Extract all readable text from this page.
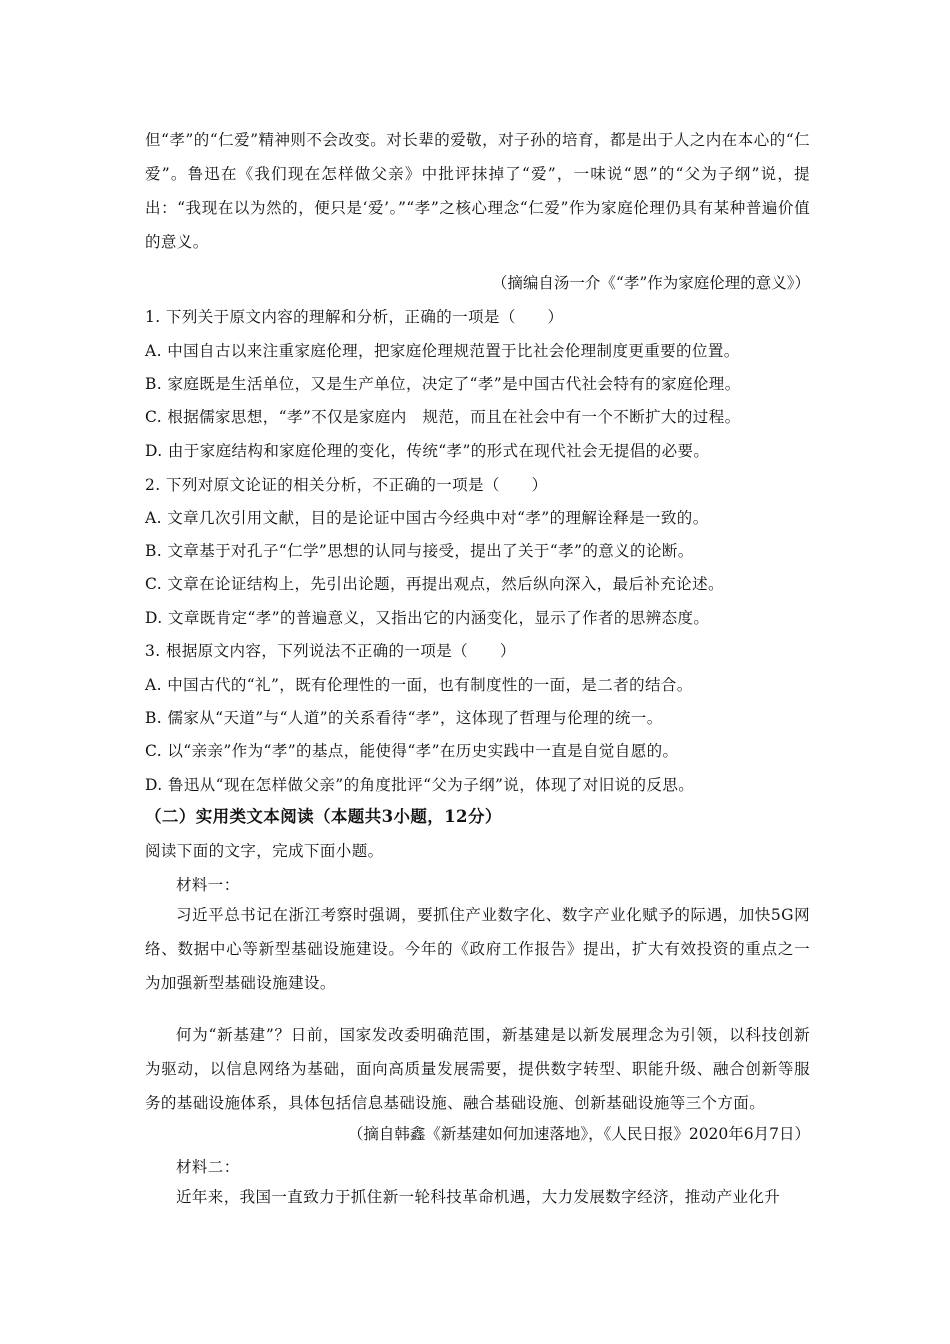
但“孝”的“仁爱”精神则不会改变。对长辈的爱敬，对子孙的培育，都是出于人之内在本心的“仁爱”。鲁迅在《我们现在怎样做父亲》中批评抹掉了“爱”，一味说“恩”的“父为子纲”说，提出：“我现在以为然的，便只是‘爱’。”“孝”之核心理念“仁爱”作为家庭伦理仍具有某种普遍价值的意义。
（摘编自汤一介《“孝”作为家庭伦理的意义》）
1. 下列关于原文内容的理解和分析，正确的一项是（　　）
A. 中国自古以来注重家庭伦理，把家庭伦理规范置于比社会伦理制度更重要的位置。
B. 家庭既是生活单位，又是生产单位，决定了“孝”是中国古代社会特有的家庭伦理。
C. 根据儒家思想，“孝”不仅是家庭内　规范，而且在社会中有一个不断扩大的过程。
D. 由于家庭结构和家庭伦理的变化，传统“孝”的形式在现代社会无提倡的必要。
2. 下列对原文论证的相关分析，不正确的一项是（　　）
A. 文章几次引用文献，目的是论证中国古今经典中对“孝”的理解诠释是一致的。
B. 文章基于对孔子“仁学”思想的认同与接受，提出了关于“孝”的意义的论断。
C. 文章在论证结构上，先引出论题，再提出观点，然后纵向深入，最后补充论述。
D. 文章既肯定“孝”的普遍意义，又指出它的内涵变化，显示了作者的思辨态度。
3. 根据原文内容，下列说法不正确的一项是（　　）
A. 中国古代的“礼”，既有伦理性的一面，也有制度性的一面，是二者的结合。
B. 儒家从“天道”与“人道”的关系看待“孝”，这体现了哲理与伦理的统一。
C. 以“亲亲”作为“孝”的基点，能使得“孝”在历史实践中一直是自觉自愿的。
D. 鲁迅从“现在怎样做父亲”的角度批评“父为子纲”说，体现了对旧说的反思。
（二）实用类文本阅读（本题共3小题，12分）
阅读下面的文字，完成下面小题。
材料一：
习近平总书记在浙江考察时强调，要抓住产业数字化、数字产业化赋予的际遇，加快5G网络、数据中心等新型基础设施建设。今年的《政府工作报告》提出，扩大有效投资的重点之一为加强新型基础设施建设。
何为“新基建”？日前，国家发改委明确范围，新基建是以新发展理念为引领，以科技创新为驱动，以信息网络为基础，面向高质量发展需要，提供数字转型、职能升级、融合创新等服务的基础设施体系，具体包括信息基础设施、融合基础设施、创新基础设施等三个方面。
（摘自韩鑫《新基建如何加速落地》，《人民日报》2020年6月7日）
材料二：
近年来，我国一直致力于抓住新一轮科技革命机遇，大力发展数字经济，推动产业化升
